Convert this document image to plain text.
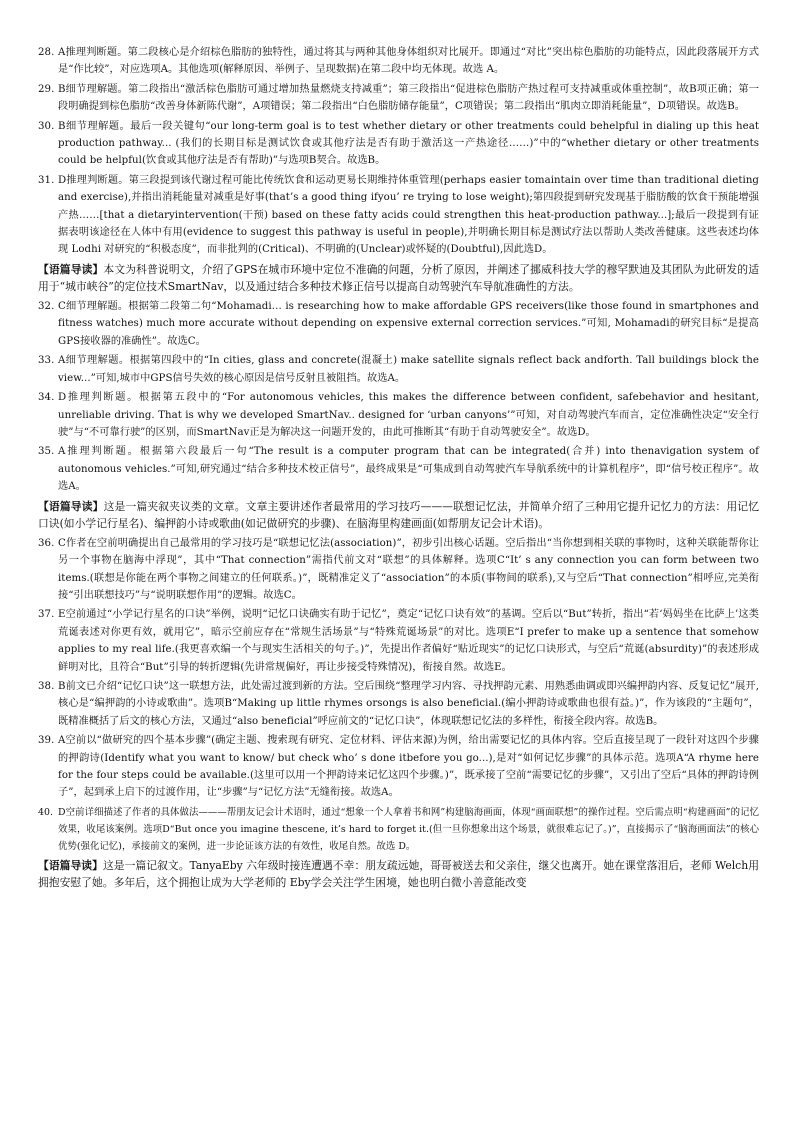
28. A推理判断题。第二段核心是介绍棕色脂肪的独特性，通过将其与两种其他身体组织对比展开。即通过“对比”突出棕色脂肪的功能特点，因此段落展开方式是“作比较”，对应选项A。其他选项(解释原因、举例子、呈现数据)在第二段中均无体现。故选 A。
29. B细节理解题。第二段指出“激活棕色脂肪可通过增加热量燃烧支持减重”；第三段指出“促进棕色脂肪产热过程可支持减重或体重控制”，故B项正确；第一段明确提到棕色脂肪“改善身体新陈代谢”，A项错误；第二段指出“白色脂肪储存能量”，C项错误；第二段指出“肌肉立即消耗能量”，D项错误。故选B。
30. B细节理解题。最后一段关键句“our long-term goal is to test whether dietary or other treatments could behelpful in dialing up this heat production pathway... (我们的长期目标是测试饮食或其他疗法是否有助于激活这一产热途径……)”中的“whether dietary or other treatments could be helpful(饮食或其他疗法是否有帮助)”与选项B契合。故选B。
31. D推理判断题。第三段提到该代谢过程可能比传统饮食和运动更易长期维持体重管理(perhaps easier tomaintain over time than traditional dieting and exercise),并指出消耗能量对减重是好事(that’s a good thing ifyou’ re trying to lose weight);第四段提到研究发现基于脂肪酸的饮食干预能增强产热……[that a dietaryintervention(干预) based on these fatty acids could strengthen this heat-production pathway...];最后一段提到有证据表明该途径在人体中有用(evidence to suggest this pathway is useful in people),并明确长期目标是测试疗法以帮助人类改善健康。这些表述均体现 Lodhi 对研究的“积极态度”，而非批判的(Critical)、不明确的(Unclear)或怀疑的(Doubtful),因此选D。

【语篇导读】本文为科普说明文，介绍了GPS在城市环境中定位不准确的问题，分析了原因，并阐述了挪威科技大学的穆罕默迪及其团队为此研发的适用于“城市峡谷”的定位技术SmartNav，以及通过结合多种技术修正信号以提高自动驾驶汽车导航准确性的方法。

32. C细节理解题。根据第二段第二句“Mohamadi… is researching how to make affordable GPS receivers(like those found in smartphones and fitness watches) much more accurate without depending on expensive external correction services.”可知, Mohamadi的研究目标“是提高GPS接收器的准确性”。故选C。
33. A细节理解题。根据第四段中的“In cities, glass and concrete(混凝土) make satellite signals reflect back andforth. Tall buildings block the view...”可知,城市中GPS信号失效的核心原因是信号反射且被阻挡。故选A。
34. D推理判断题。根据第五段中的“For autonomous vehicles, this makes the difference between confident, safebehavior and hesitant, unreliable driving. That is why we developed SmartNav.. designed for ‘urban canyons’”可知，对自动驾驶汽车而言，定位准确性决定“安全行驶”与“不可靠行驶”的区别，而SmartNav正是为解决这一问题开发的，由此可推断其“有助于自动驾驶安全”。故选D。
35. A推理判断题。根据第六段最后一句“The result is a computer program that can be integrated(合并) into thenavigation system of autonomous vehicles.”可知,研究通过“结合多种技术校正信号”，最终成果是“可集成到自动驾驶汽车导航系统中的计算机程序”，即“信号校正程序”。故选A。

【语篇导读】这是一篇夹叙夹议类的文章。文章主要讲述作者最常用的学习技巧———联想记忆法，并简单介绍了三种用它提升记忆力的方法：用记忆口诀(如小学记行星名)、编押韵小诗或歌曲(如记做研究的步骤)、在脑海里构建画面(如帮朋友记会计术语)。

36. C作者在空前明确提出自己最常用的学习技巧是“联想记忆法(association)”，初步引出核心话题。空后指出“当你想到相关联的事物时，这种关联能帮你让另一个事物在脑海中浮现”，其中“That connection”需指代前文对“联想”的具体解释。选项C“It’ s any connection you can form between two items.(联想是你能在两个事物之间建立的任何联系。)”，既精准定义了“association”的本质(事物间的联系),又与空后“That connection”相呼应,完美衔接“引出联想技巧”与“说明联想作用”的逻辑。故选C。
37. E空前通过“小学记行星名的口诀”举例，说明“记忆口诀确实有助于记忆”，奠定“记忆口诀有效”的基调。空后以“But”转折，指出“若‘妈妈坐在比萨上’这类荒诞表述对你更有效，就用它”，暗示空前应存在“常规生活场景”与“特殊荒诞场景”的对比。选项E“I prefer to make up a sentence that somehow applies to my real life.(我更喜欢编一个与现实生活相关的句子。)”，先提出作者偏好“贴近现实”的记忆口诀形式，与空后“荒诞(absurdity)”的表述形成鲜明对比，且符合“But”引导的转折逻辑(先讲常规偏好，再让步接受特殊情况)，衔接自然。故选E。
38. B前文已介绍“记忆口诀”这一联想方法，此处需过渡到新的方法。空后围绕“整理学习内容、寻找押韵元素、用熟悉曲调或即兴编押韵内容、反复记忆”展开,核心是“编押韵的小诗或歌曲”。选项B“Making up little rhymes orsongs is also beneficial.(编小押韵诗或歌曲也很有益。)”，作为该段的“主题句”，既精准概括了后文的核心方法，又通过“also beneficial”呼应前文的“记忆口诀”，体现联想记忆法的多样性，衔接全段内容。故选B。
39. A空前以“做研究的四个基本步骤”(确定主题、搜索现有研究、定位材料、评估来源)为例，给出需要记忆的具体内容。空后直接呈现了一段针对这四个步骤的押韵诗(Identify what you want to know/ but check who’ s done itbefore you go...),是对“如何记忆步骤”的具体示范。选项A“A rhyme here for the four steps could be available.(这里可以用一个押韵诗来记忆这四个步骤。)”，既承接了空前“需要记忆的步骤”，又引出了空后“具体的押韵诗例子”，起到承上启下的过渡作用，让“步骤”与“记忆方法”无缝衔接。故选A。
40. D空前详细描述了作者的具体做法———帮朋友记会计术语时，通过“想象一个人拿着书和网”构建脑海画面，体现“画面联想”的操作过程。空后需点明“构建画面”的记忆效果，收尾该案例。选项D“But once you imagine thescene, it’s hard to forget it.(但一旦你想象出这个场景，就很难忘记了。)”，直接揭示了“脑海画面法”的核心优势(强化记忆)，承接前文的案例，进一步论证该方法的有效性，收尾自然。故选 D。

【语篇导读】这是一篇记叙文。TanyaEby 六年级时接连遭遇不幸：朋友疏远她，哥哥被送去和父亲住，继父也离开。她在课堂落泪后，老师 Welch用拥抱安慰了她。多年后，这个拥抱让成为大学老师的 Eby学会关注学生困境，她也明白微小善意能改变
